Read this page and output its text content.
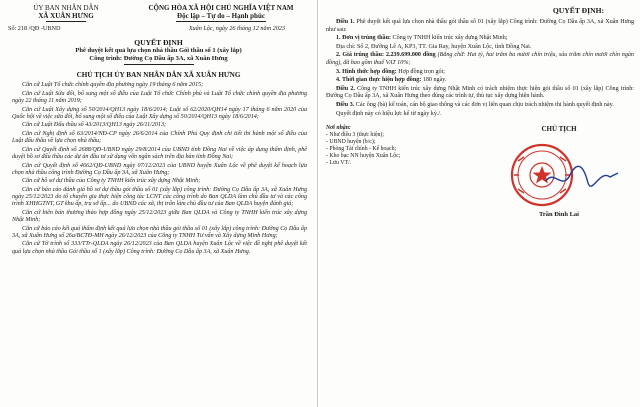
ỦY BAN NHÂN DÂN
XÃ XUÂN HƯNG
CỘNG HÒA XÃ HỘI CHỦ NGHĨA VIỆT NAM
Độc lập – Tự do – Hạnh phúc
Số: 218 /QĐ -UBND	Xuân Lộc, ngày 26 tháng 12 năm 2023
QUYẾT ĐỊNH
Phê duyệt kết quả lựa chọn nhà thầu Gói thầu số 1 (xây lắp)
Công trình: Đường Cọ Dầu ấp 3A, xã Xuân Hưng
CHỦ TỊCH ỦY BAN NHÂN DÂN XÃ XUÂN HƯNG

Căn cứ Luật Tổ chức chính quyền địa phương ngày 19 tháng 6 năm 2015;

Căn cứ Luật Sửa đổi, bổ sung một số điều của Luật Tổ chức Chính phủ và Luật Tổ chức chính quyền địa phương ngày 22 tháng 11 năm 2019;

Căn cứ Luật Xây dựng số 50/2014/QH13 ngày 18/6/2014; Luật số 62/2020/QH14 ngày 17 tháng 6 năm 2020 của Quốc hội về việc sửa đổi, bổ sung một số điều của Luật Xây dựng số 50/2014/QH13 ngày 18/6/2014;

Căn cứ Luật Đấu thầu số 43/2013/QH13 ngày 26/11/2013;

Căn cứ Nghị định số 63/2014/NĐ-CP ngày 26/6/2014 của Chính Phủ Quy định chi tiết thi hành một số điều của Luật đấu thầu về lựa chọn nhà thầu;

Căn cứ Quyết định số 2688/QĐ-UBND ngày 29/8/2014 của UBND tỉnh Đồng Nai về việc áp dụng thẩm định, phê duyệt hồ sơ đấu thầu các dự án đầu tư sử dụng vốn ngân sách trên địa bàn tỉnh Đồng Nai;

Căn cứ Quyết định số 4662/QĐ-UBND ngày 07/12/2023 của UBND huyện Xuân Lộc về phê duyệt kế hoạch lựa chọn nhà thầu công trình Đường Cọ Dầu ấp 3A, xã Xuân Hưng;

Căn cứ hồ sơ dự thầu của Công ty TNHH kiến trúc xây dựng Nhật Minh;

Căn cứ báo cáo đánh giá hồ sơ dự thầu gói thầu số 01 (xây lắp) công trình: Đường Cọ Dầu ấp 3A, xã Xuân Hưng ngày 25/12/2023 do tổ chuyên gia thực hiện công tác LCNT các công trình do Ban QLDA làm chủ đầu tư và các công trình XHHGTNT, GT khu ấp, trụ sở ấp... do UBND các xã, thị trấn làm chủ đầu tư của Ban QLDA huyện đánh giá;

Căn cứ biên bản thương thảo hợp đồng ngày 25/12/2023 giữa Ban QLDA và Công ty TNHH kiến trúc xây dựng Nhật Minh;

Căn cứ báo cáo kết quả thẩm định kết quả lựa chọn nhà thầu gói thầu số 01 (xây lắp) công trình: Đường Cọ Dầu ấp 3A, xã Xuân Hưng số 26a/BCTĐ-MH ngày 26/12/2023 của Công ty TNHH Tư vấn và Xây dựng Minh Hưng;

Căn cứ Tờ trình số 333/TTr-QLDA ngày 26/12/2023 của Ban QLDA huyện Xuân Lộc về việc đề nghị phê duyệt kết quả lựa chọn nhà thầu Gói thầu số 1 (xây lắp) Công trình: Đường Cọ Dầu ấp 3A, xã Xuân Hưng.

QUYẾT ĐỊNH:

Điều 1. Phê duyệt kết quả lựa chọn nhà thầu gói thầu số 01 (xây lắp) Công trình: Đường Cọ Dầu ấp 3A, xã Xuân Hưng như sau:

1. Đơn vị trúng thầu: Công ty TNHH kiến trúc xây dựng Nhật Minh;

Địa chỉ: Số 2, Đường Lê A, KP3, TT. Gia Ray, huyện Xuân Lộc, tỉnh Đồng Nai.

2. Giá trúng thầu: 2.239.699.000 đồng (Bằng chữ: Hai tỷ, hai trăm ba mươi chín triệu, sáu trăm chín mươi chín ngàn đồng), đã bao gồm thuế VAT 10%;

3. Hình thức hợp đồng: Hợp đồng trọn gói;

4. Thời gian thực hiện hợp đồng: 180 ngày.

Điều 2. Công ty TNHH kiến trúc xây dựng Nhật Minh có trách nhiệm thực hiện gói thầu số 01 (xây lắp) Công trình: Đường Cọ Dầu ấp 3A, xã Xuân Hưng theo đúng các trình tự, thủ tục xây dựng hiện hành.

Điều 3. Các ông (bà) kế toán, cán bộ giao thông và các đơn vị liên quan chịu trách nhiệm thi hành quyết định này.

Quyết định này có hiệu lực kể từ ngày ký./.

Nơi nhận:
- Như điều 3 (thực hiện);
- UBND huyện (b/c);
- Phòng Tài chính - Kế hoạch;
- Kho bạc NN huyện Xuân Lộc;
- Lưu VT/.
CHỦ TỊCH
Trần Đình Lai
